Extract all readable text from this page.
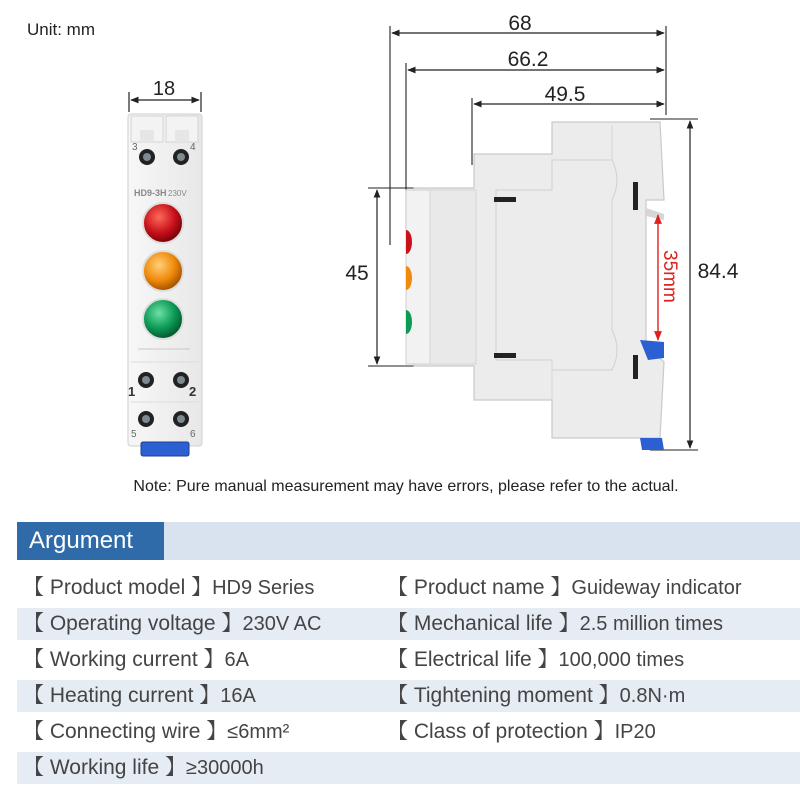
Unit: mm
18
3	4
HD9-3H 230V
1	2
5	6
68
66.2
49.5
45	84.4
35mm
Note: Pure manual measurement may have errors, please refer to the actual.
Argument
【 Product model 】HD9 Series	【 Product name 】Guideway indicator
【 Operating voltage 】230V AC	【 Mechanical life 】2.5 million times
【 Working current 】6A	【 Electrical life 】100,000 times
【 Heating current 】16A	【 Tightening moment 】0.8N·m
【 Connecting wire 】≤6mm²	【 Class of protection 】IP20
【 Working life 】≥30000h
